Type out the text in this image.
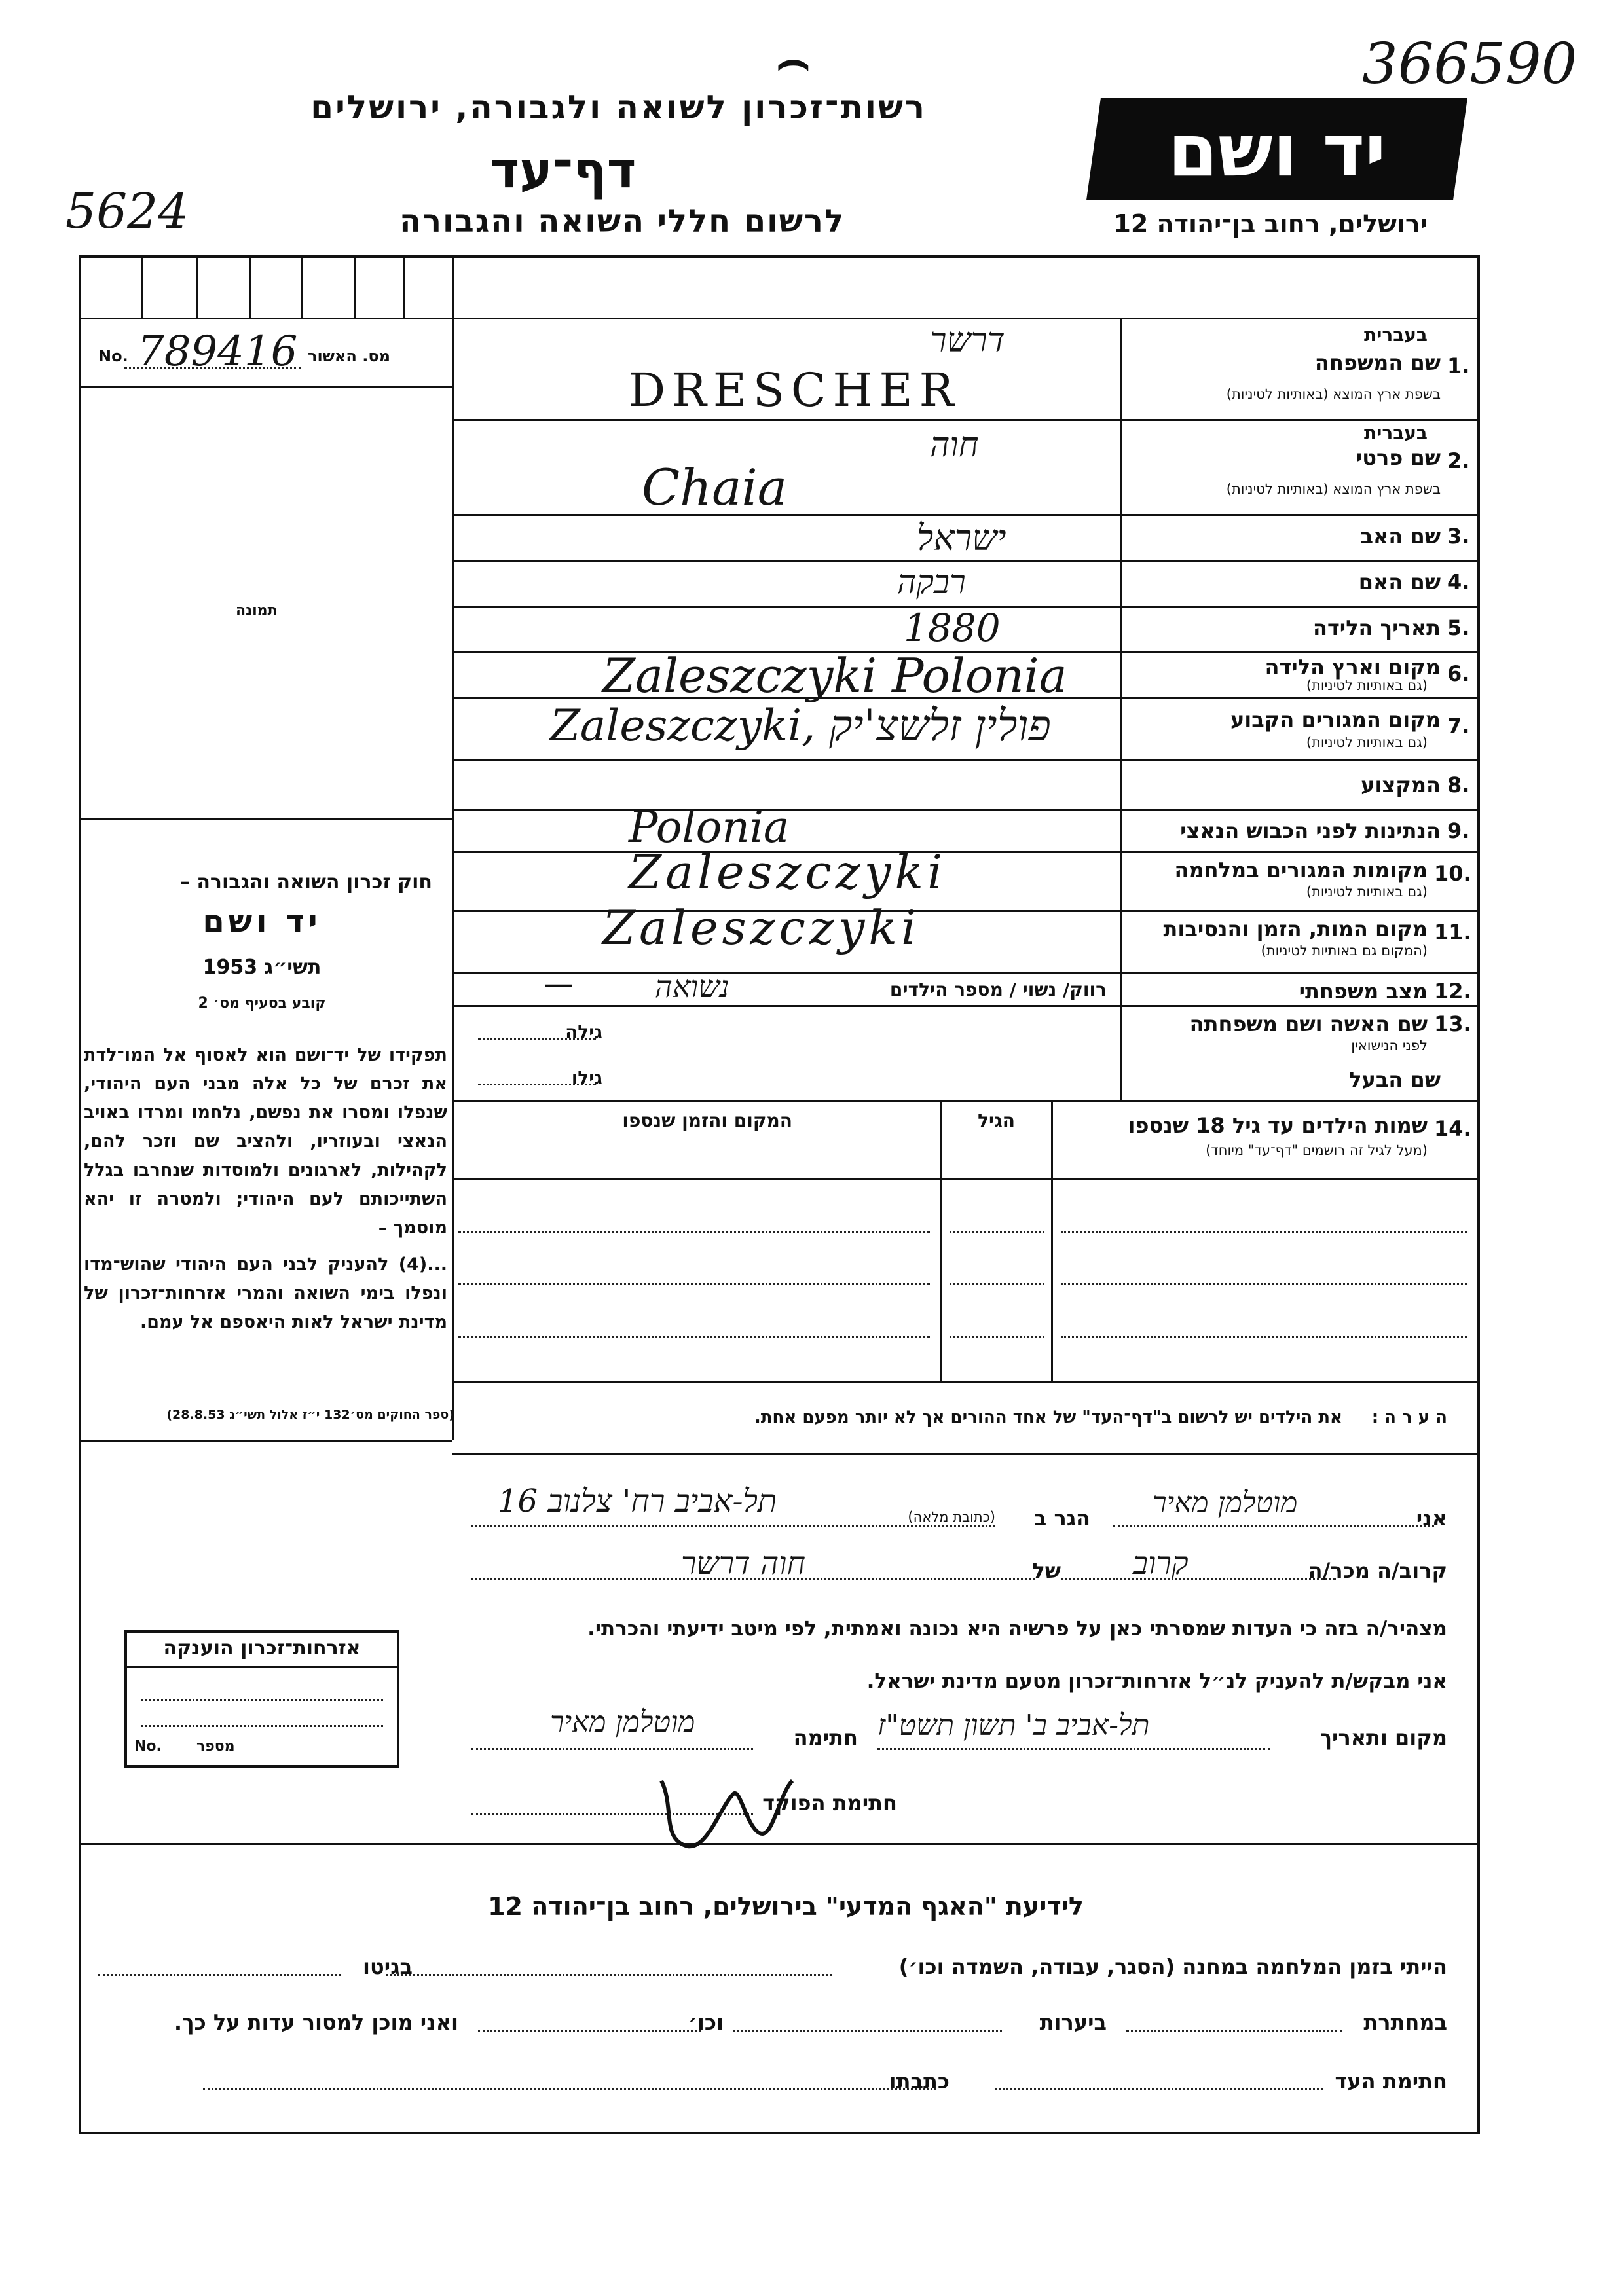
366590
5624
⌢
רשות־זכרון לשואה ולגבורה, ירושלים
דף־עד
לרשום חללי השואה והגבורה
יד ושם
ירושלים, רחוב בן־יהודה 12
789416 מס. האשור
No.
תמונה
חוק זכרון השואה והגבורה –
יד ושם
תשי״ג 1953
קובע בסעיף מס׳ 2
תפקידו של יד־ושם הוא לאסוף אל המו־לדת את זכרם של כל אלה מבני העם היהודי, שנפלו ומסרו את נפשם, נלחמו ומרדו באויב הנאצי ובעוזריו, ולהציב שם וזכר להם, לקהילות, לארגונים ולמוסדות שנחרבו בגלל השתייכותם לעם היהודי; ולמטרה זו יהא מוסמך –
...(4) להעניק לבני העם היהודי שהוש־מדו ונפלו בימי השואה והמרי אזרחות־זכרון של מדינת ישראל לאות היאספם אל עמם.
(ספר החוקים מס׳132 י״ז אלול תשי״ג 28.8.53)
1.
שם המשפחה
בעברית
בשפת ארץ המוצא (באותיות לטיניות)
דרשר
DRESCHER
2.
שם פרטי
בעברית
בשפת ארץ המוצא (באותיות לטיניות)
חוה
Chaia
3.
שם האב
ישראל
4.
שם האם
רבקה
5.
תאריך הלידה
1880
6.
מקום וארץ הלידה
(גם באותיות לטיניות)
Zaleszczyki Polonia
7.
מקום המגורים הקבוע
(גם באותיות לטיניות)
Zaleszczyki, פולין זלשצ'יק
8.
המקצוע
9.
הנתינות לפני הכבוש הנאצי
Polonia
10.
מקומות המגורים במלחמה
(גם באותיות לטיניות)
Zaleszczyki
11.
מקום המות, הזמן והנסיבות
(המקום גם באותיות לטיניות)
Zaleszczyki
12.
מצב משפחתי
רווק/ נשוי / מספר הילדים
נשואה
—
13.
שם האשה ושם משפחתה
לפני הנישואין
גילה
שם הבעל
גילו
14.
שמות הילדים עד גיל 18 שנספו
(מעל לגיל זה רושמים "דף־עד" מיוחד)
הגיל
המקום והזמן שנספו
ה ע ר ה :
את הילדים יש לרשום ב"דף־העד" של אחד ההורים אך לא יותר מפעם אחת.
אני
מוטלמן מאיר
הגר ב
(כתובת מלאה)
תל-אביב רח' צלנוב 16
קרוב/ה מכר/ה
קרוב
של
חוה דרשר
מצהיר/ה בזה כי העדות שמסרתי כאן על פרשיה היא נכונה ואמתית, לפי מיטב ידיעתי והכרתי.
אני מבקש/ת להעניק לנ״ל אזרחות־זכרון מטעם מדינת ישראל.
מקום ותאריך
תל-אביב ב' תשון תשט"ז
חתימה
מוטלמן מאיר
חתימת הפוקד
אזרחות־זכרון הוענקה
מספר
No.
לידיעת "האגף המדעי" בירושלים, רחוב בן־יהודה 12
הייתי בזמן המלחמה במחנה (הסגר, עבודה, השמדה וכו׳)
בגיטו
במחתרת
ביערות
וכו׳
ואני מוכן למסור עדות על כך.
חתימת העד
כתבתו
